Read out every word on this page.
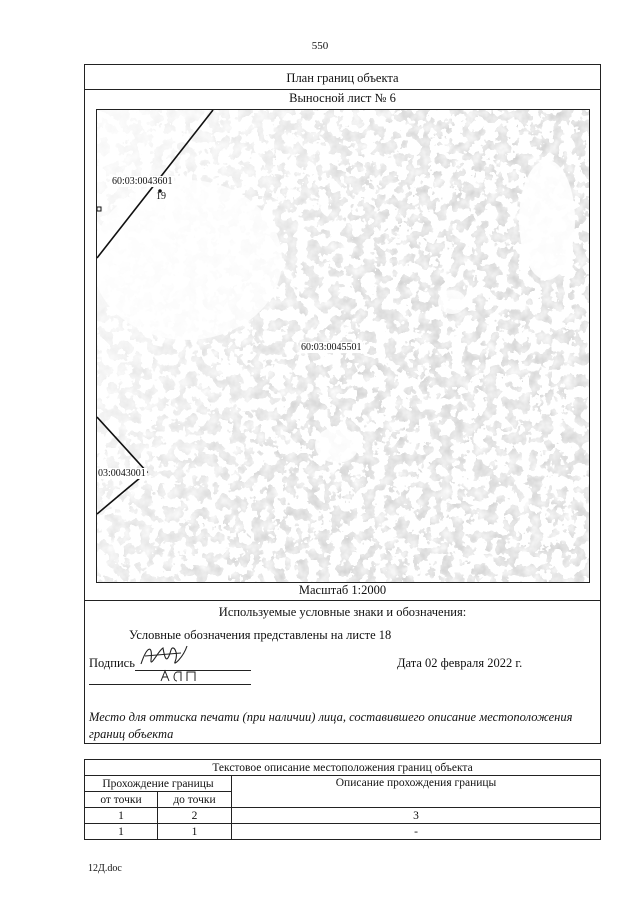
550
План границ объекта
Выносной лист № 6
60:03:0043601
19
60:03:0045501
03:0043001
Масштаб 1:2000
Используемые условные знаки и обозначения:
Условные обозначения представлены на листе 18
Подпись	Дата 02 февраля 2022 г.
Место для оттиска печати (при наличии) лица, составившего описание местоположения
границ объекта
Текстовое описание местоположения границ объекта		
Прохождение границы		Описание прохождения границы
от точки	до точки	
1	2	3
1	1	-
12Д.doc
